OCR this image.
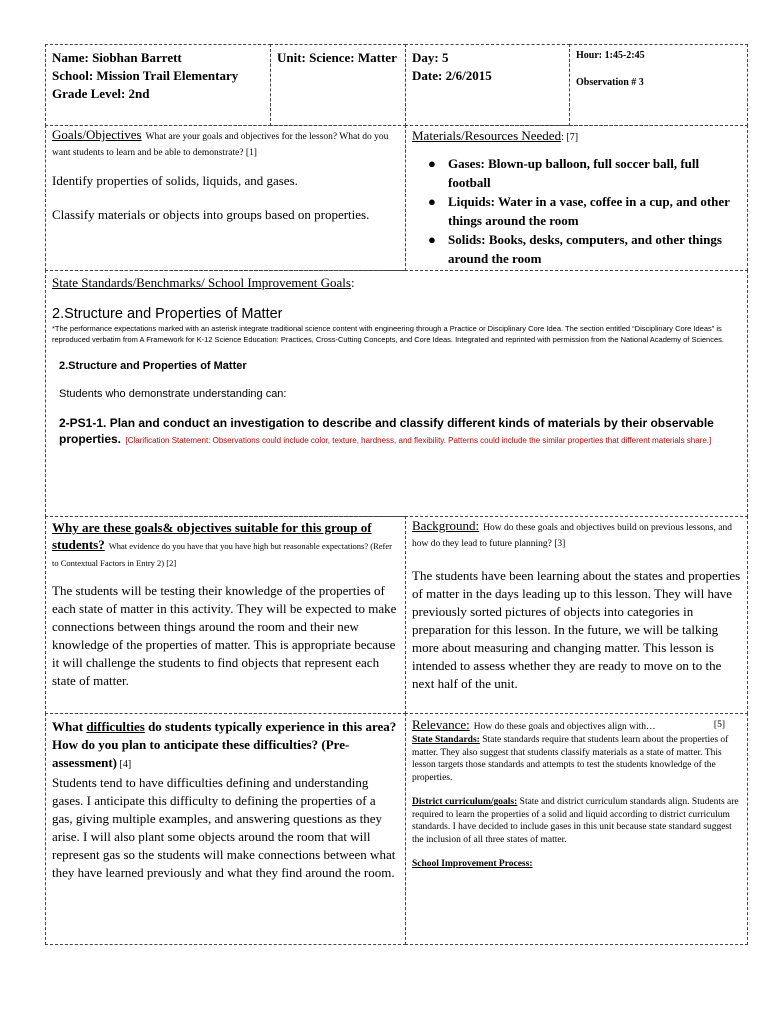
Name: Siobhan Barrett

School: Mission Trail Elementary

Grade Level: 2nd

Unit: Science: Matter Day: 5

Date: 2/6/2015

Hour: 1:45-2:45

Observation # 3

Goals/Objectives What are your goals and objectives for the lesson? What do you want students to learn and be able to demonstrate? [1]

Identify properties of solids, liquids, and gases.

Classify materials or objects into groups based on properties.

Materials/Resources Needed: [7]

● Gases: Blown-up balloon, full soccer ball, full football
● Liquids: Water in a vase, coffee in a cup, and other things around the room
● Solids: Books, desks, computers, and other things around the room

State Standards/Benchmarks/ School Improvement Goals:

2.Structure and Properties of Matter

*The performance expectations marked with an asterisk integrate traditional science content with engineering through a Practice or Disciplinary Core Idea. The section entitled “Disciplinary Core Ideas” is reproduced verbatim from A Framework for K-12 Science Education: Practices, Cross-Cutting Concepts, and Core Ideas. Integrated and reprinted with permission from the National Academy of Sciences.

2.Structure and Properties of Matter

Students who demonstrate understanding can:

2-PS1-1. Plan and conduct an investigation to describe and classify different kinds of materials by their observable properties. [Clarification Statement: Observations could include color, texture, hardness, and flexibility. Patterns could include the similar properties that different materials share.]

Why are these goals& objectives suitable for this group of students? What evidence do you have that you have high but reasonable expectations? (Refer to Contextual Factors in Entry 2) [2]

The students will be testing their knowledge of the properties of each state of matter in this activity. They will be expected to make connections between things around the room and their new knowledge of the properties of matter. This is appropriate because it will challenge the students to find objects that represent each state of matter.

Background: How do these goals and objectives build on previous lessons, and how do they lead to future planning? [3]

The students have been learning about the states and properties of matter in the days leading up to this lesson. They will have previously sorted pictures of objects into categories in preparation for this lesson. In the future, we will be talking more about measuring and changing matter. This lesson is intended to assess whether they are ready to move on to the next half of the unit.

What difficulties do students typically experience in this area? How do you plan to anticipate these difficulties? (Pre-assessment) [4]

Students tend to have difficulties defining and understanding gases. I anticipate this difficulty to defining the properties of a gas, giving multiple examples, and answering questions as they arise. I will also plant some objects around the room that will represent gas so the students will make connections between what they have learned previously and what they find around the room.

Relevance: How do these goals and objectives align with…	[5]

State Standards: State standards require that students learn about the properties of matter. They also suggest that students classify materials as a state of matter. This lesson targets those standards and attempts to test the students knowledge of the properties.

District curriculum/goals: State and district curriculum standards align. Students are required to learn the properties of a solid and liquid according to district curriculum standards. I have decided to include gases in this unit because state standard suggest the inclusion of all three states of matter.

School Improvement Process:
